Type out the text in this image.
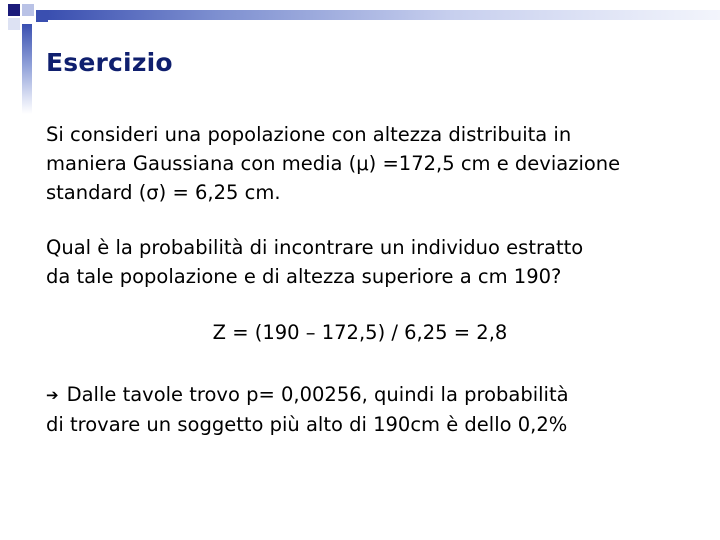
Esercizio

Si consideri una popolazione con altezza distribuita in
maniera Gaussiana con media (μ) =172,5 cm e deviazione
standard (σ) = 6,25 cm.

Qual è la probabilità di incontrare un individuo estratto
da tale popolazione e di altezza superiore a cm 190?

Z = (190 – 172,5) / 6,25 = 2,8

➔ Dalle tavole trovo p= 0,00256, quindi la probabilità
di trovare un soggetto più alto di 190cm è dello 0,2%
